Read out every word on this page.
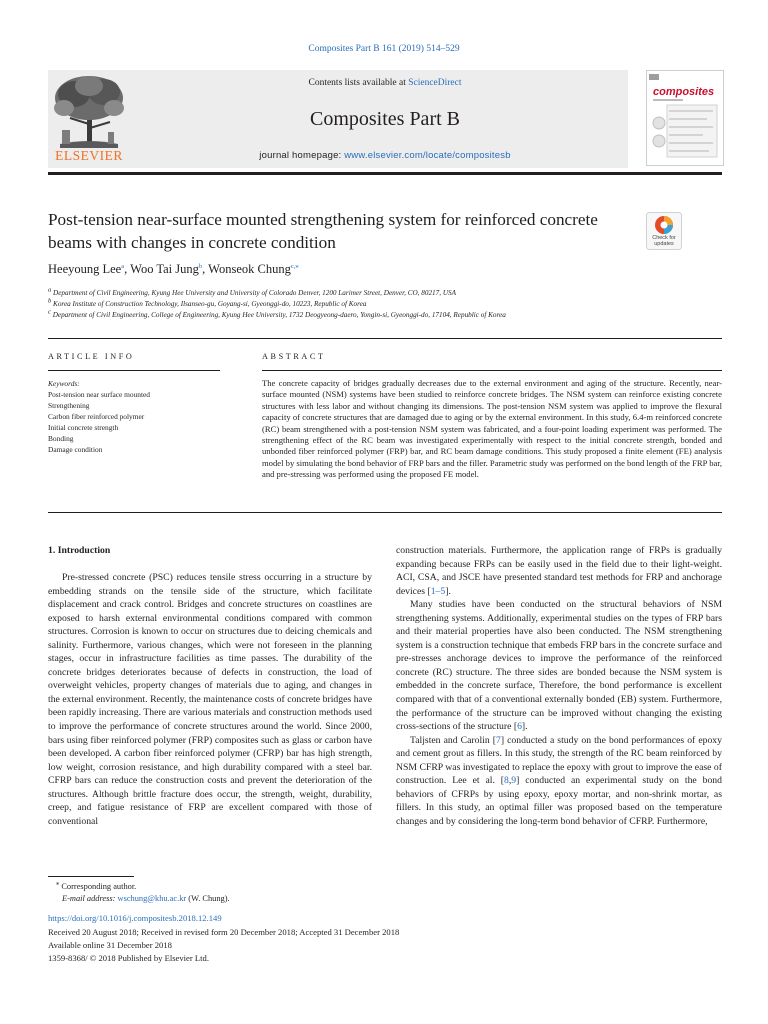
Composites Part B 161 (2019) 514–529
ELSEVIER
Contents lists available at ScienceDirect
Composites Part B
journal homepage: www.elsevier.com/locate/compositesb
composites
Post-tension near-surface mounted strengthening system for reinforced concrete beams with changes in concrete condition	Check for updates
Heeyoung Lee$^a$, Woo Tai Jung$^b$, Wonseok Chung$^{c,⁎}$
$^a$ Department of Civil Engineering, Kyung Hee University and University of Colorado Denver, 1200 Larimer Street, Denver, CO, 80217, USA
$^b$ Korea Institute of Construction Technology, Ilsanseo-gu, Goyang-si, Gyeonggi-do, 10223, Republic of Korea
$^c$ Department of Civil Engineering, College of Engineering, Kyung Hee University, 1732 Deogyeong-daero, Yongin-si, Gyeonggi-do, 17104, Republic of Korea
ARTICLE INFO	ABSTRACT
Keywords:
Post-tension near surface mounted
Strengthening
Carbon fiber reinforced polymer
Initial concrete strength
Bonding
Damage condition
The concrete capacity of bridges gradually decreases due to the external environment and aging of the structure. Recently, near-surface mounted (NSM) systems have been studied to reinforce concrete bridges. The NSM system can reinforce existing concrete structures with less labor and without changing its dimensions. The post-tension NSM system was applied to improve the flexural capacity of concrete structures that are damaged due to aging or by the external environment. In this study, 6.4-m reinforced concrete (RC) beam strengthened with a post-tension NSM system was fabricated, and a four-point loading experiment was performed. The strengthening effect of the RC beam was investigated experimentally with respect to the initial concrete strength, bonded and unbonded fiber reinforced polymer (FRP) bar, and RC beam damage conditions. This study proposed a finite element (FE) analysis model by simulating the bond behavior of FRP bars and the filler. Parametric study was performed on the bond length of the FRP bar, and pre-stressing was performed using the proposed FE model.
1. Introduction

Pre-stressed concrete (PSC) reduces tensile stress occurring in a structure by embedding strands on the tensile side of the structure, which facilitate displacement and crack control. Bridges and concrete structures on coastlines are exposed to harsh external environmental conditions compared with common structures. Corrosion is known to occur on structures due to deicing chemicals and salinity. Furthermore, various changes, which were not foreseen in the planning stages, occur in infrastructure facilities as time passes. The durability of the concrete bridges deteriorates because of defects in construction, the load of overweight vehicles, property changes of materials due to aging, and changes in the external environment. Recently, the maintenance costs of concrete bridges have been rapidly increasing. There are various materials and construction methods used to improve the performance of concrete structures around the world. Since 2000, bars using fiber reinforced polymer (FRP) composites such as glass or carbon have been developed. A carbon fiber reinforced polymer (CFRP) bar has high strength, low weight, corrosion resistance, and high durability compared with a steel bar. CFRP bars can reduce the construction costs and prevent the deterioration of the structures. Although brittle fracture does occur, the strength, weight, durability, creep, and fatigue resistance of FRP are excellent compared with those of conventional

construction materials. Furthermore, the application range of FRPs is gradually expanding because FRPs can be easily used in the field due to their light-weight. ACI, CSA, and JSCE have presented standard test methods for FRP and anchorage devices [1–5].

Many studies have been conducted on the structural behaviors of NSM strengthening systems. Additionally, experimental studies on the types of FRP bars and their material properties have also been conducted. The NSM strengthening system is a construction technique that embeds FRP bars in the concrete surface and pre-stresses anchorage devices to improve the performance of the reinforced concrete (RC) structure. The three sides are bonded because the NSM system is embedded in the concrete surface, Therefore, the bond performance is excellent compared with that of a conventional externally bonded (EB) system. Furthermore, the performance of the structure can be improved without changing the existing cross-sections of the structure [6].

Taljsten and Carolin [7] conducted a study on the bond performances of epoxy and cement grout as fillers. In this study, the strength of the RC beam reinforced by NSM CFRP was investigated to replace the epoxy with grout to improve the ease of construction. Lee et al. [8,9] conducted an experimental study on the bond behaviors of CFRPs by using epoxy, epoxy mortar, and non-shrink mortar, as fillers. In this study, an optimal filler was proposed based on the temperature changes and by considering the long-term bond behavior of CFRP. Furthermore,

⁎ Corresponding author.
E-mail address: wschung@khu.ac.kr (W. Chung).
https://doi.org/10.1016/j.compositesb.2018.12.149
Received 20 August 2018; Received in revised form 20 December 2018; Accepted 31 December 2018
Available online 31 December 2018
1359-8368/ © 2018 Published by Elsevier Ltd.
